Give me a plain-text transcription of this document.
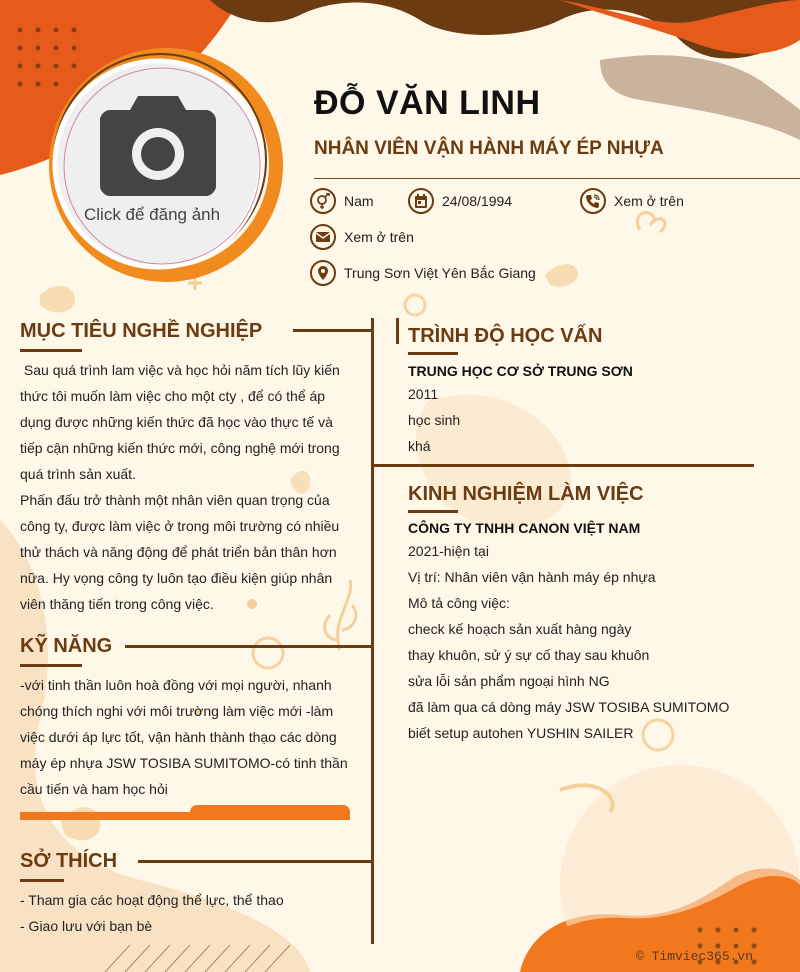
Click để đăng ảnh
ĐỖ VĂN LINH
NHÂN VIÊN VẬN HÀNH MÁY ÉP NHỰA
Nam	24/08/1994	Xem ở trên
Xem ở trên
Trung Sơn Việt Yên Bắc Giang
MỤC TIÊU NGHỀ NGHIỆP
Sau quá trình lam việc và học hỏi năm tích lũy kiến
thức tôi muốn làm việc cho một cty , để có thể áp
dụng được những kiến thức đã học vào thực tế và
tiếp cận những kiến thức mới, công nghệ mới trong
quá trình sản xuất.
Phấn đấu trở thành một nhân viên quan trọng của
công ty, được làm việc ở trong môi trường có nhiều
thử thách và năng động để phát triển bản thân hơn
nữa. Hy vọng công ty luôn tạo điều kiện giúp nhân
viên thăng tiến trong công việc.
KỸ NĂNG
-với tinh thần luôn hoà đồng với mọi người, nhanh
chóng thích nghi với môi trường làm việc mới -làm
việc dưới áp lực tốt, vận hành thành thạo các dòng
máy ép nhựa JSW TOSIBA SUMITOMO-có tinh thần
cầu tiến và ham học hỏi
SỞ THÍCH
- Tham gia các hoạt động thể lực, thể thao
- Giao lưu với bạn bè
TRÌNH ĐỘ HỌC VẤN
TRUNG HỌC CƠ SỞ TRUNG SƠN
2011
học sinh
khá
KINH NGHIỆM LÀM VIỆC
CÔNG TY TNHH CANON VIỆT NAM
2021-hiện tại
Vị trí: Nhân viên vận hành máy ép nhựa
Mô tả công việc:
check kế hoạch sản xuất hàng ngày
thay khuôn, sử ý sự cố thay sau khuôn
sửa lỗi sản phẩm ngoại hình NG
đã làm qua cá dòng máy JSW TOSIBA SUMITOMO
biết setup autohen YUSHIN SAILER
© Timviec365.vn
